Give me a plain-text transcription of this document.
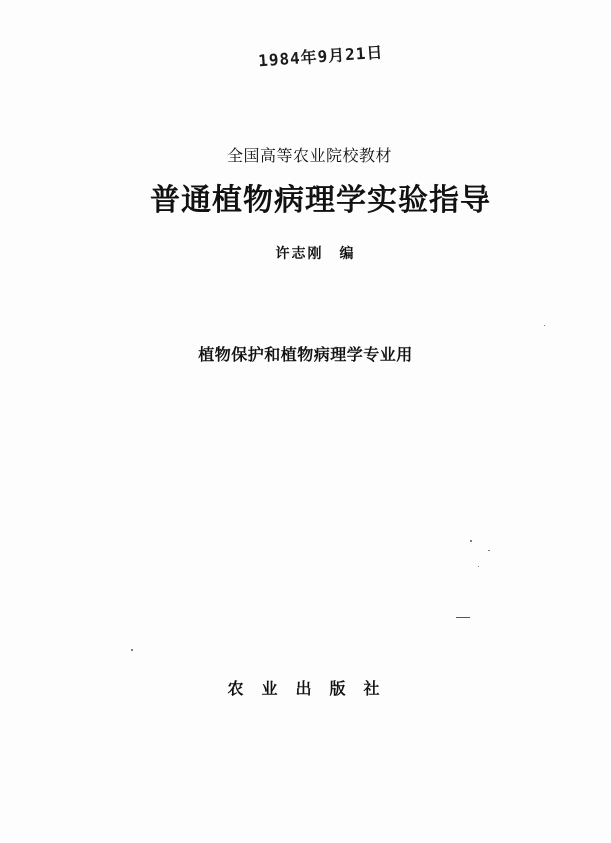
1984年9月21日
全国高等农业院校教材
普通植物病理学实验指导
许志刚 编
植物保护和植物病理学专业用
农业出版社
